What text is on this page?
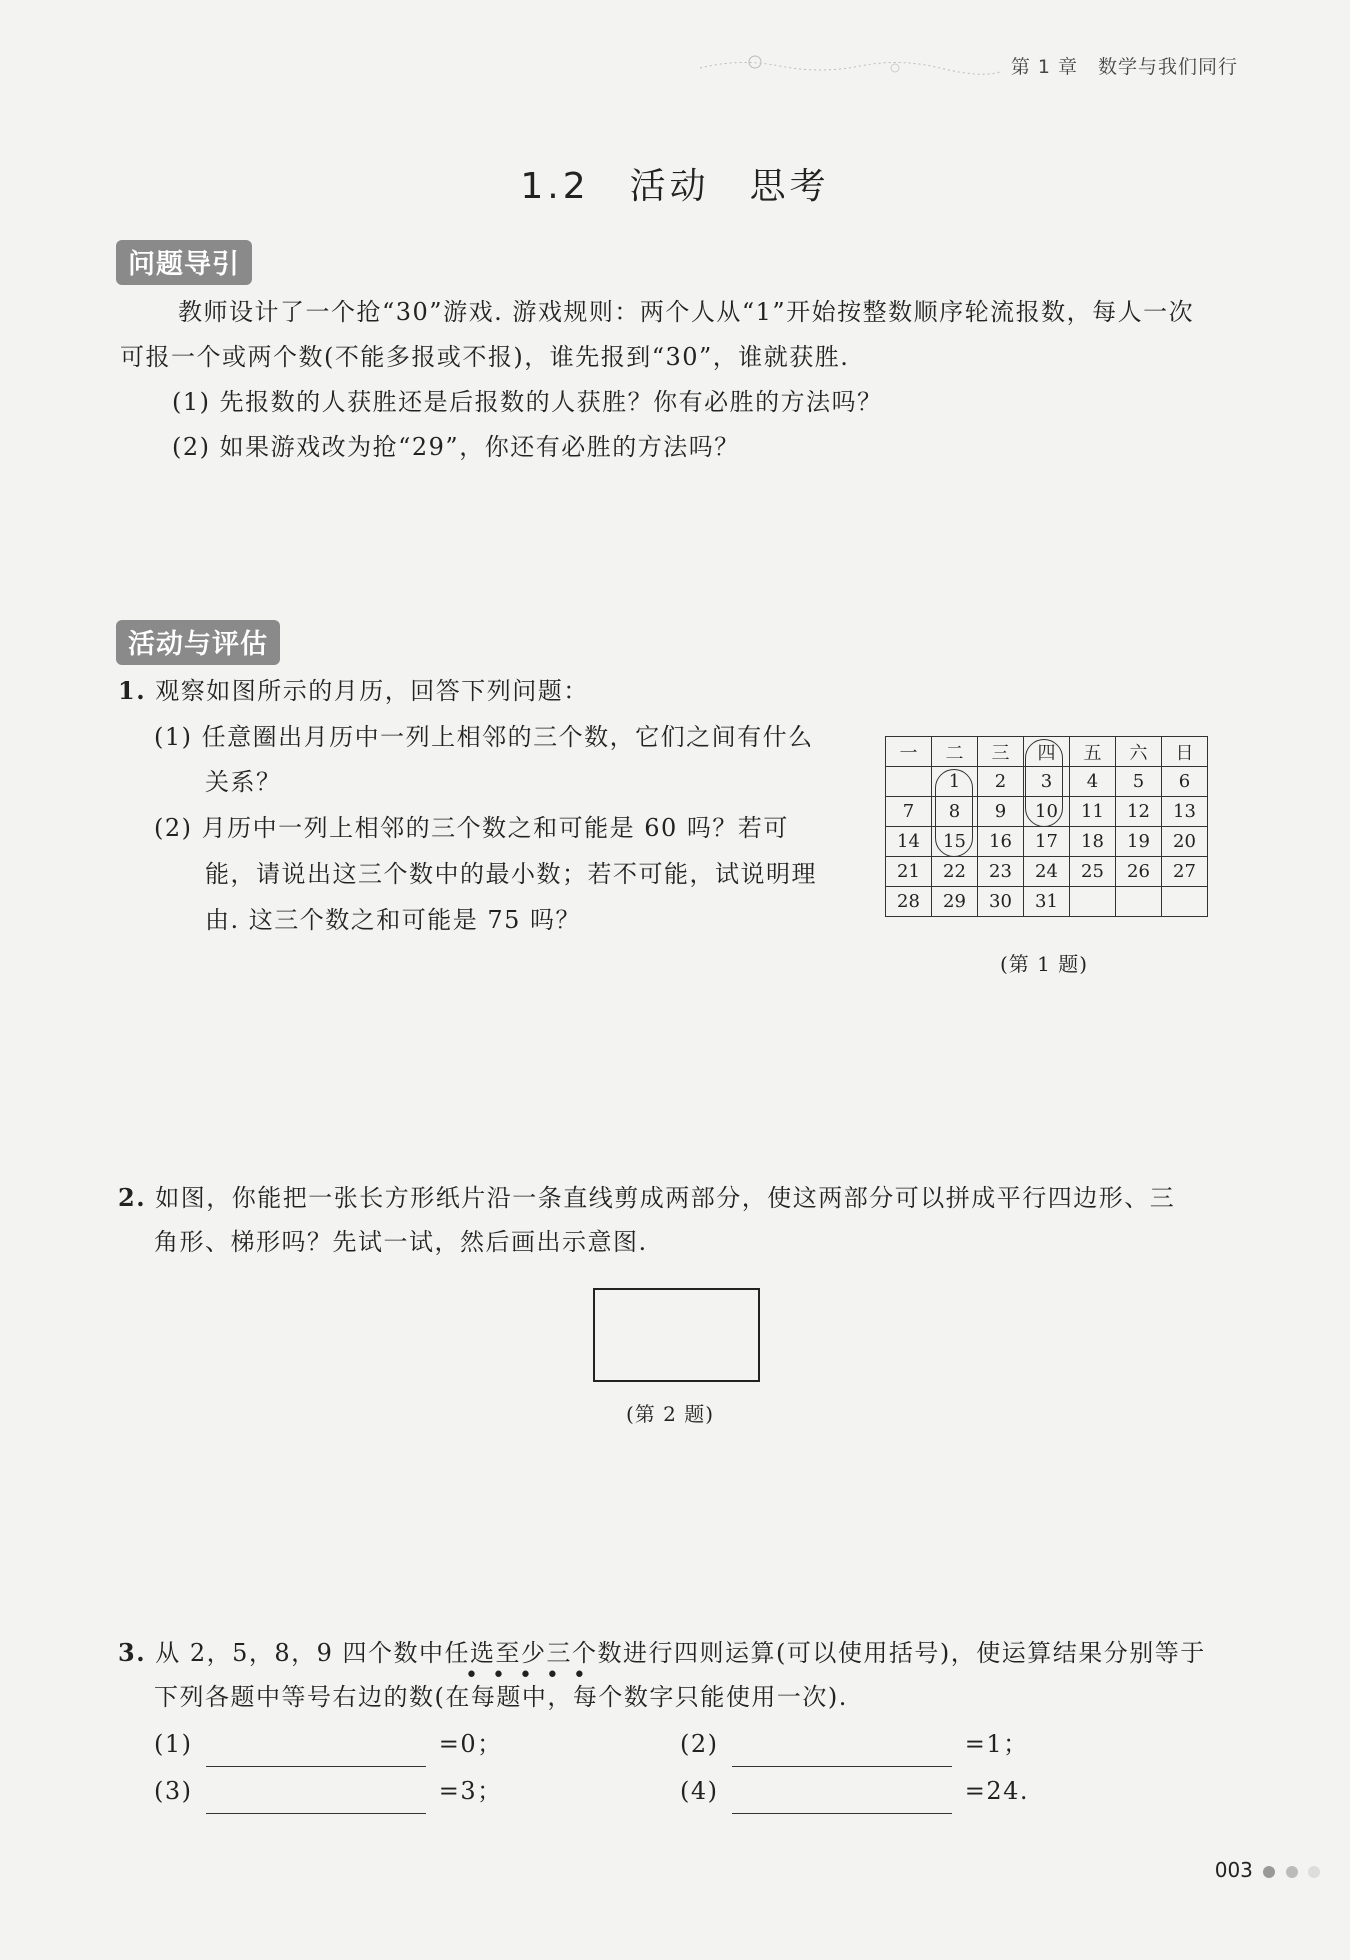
第 1 章　数学与我们同行
1.2　活动　思考
问题导引
教师设计了一个抢“30”游戏. 游戏规则：两个人从“1”开始按整数顺序轮流报数，每人一次
可报一个或两个数(不能多报或不报)，谁先报到“30”，谁就获胜.
(1) 先报数的人获胜还是后报数的人获胜？你有必胜的方法吗？
(2) 如果游戏改为抢“29”，你还有必胜的方法吗？
活动与评估
1. 观察如图所示的月历，回答下列问题：
(1) 任意圈出月历中一列上相邻的三个数，它们之间有什么
关系？
(2) 月历中一列上相邻的三个数之和可能是 60 吗？若可
能，请说出这三个数中的最小数；若不可能，试说明理
由. 这三个数之和可能是 75 吗？
一	二	三	四	五	六	日
	1	2	3	4	5	6
7	8	9	10	11	12	13
14	15	16	17	18	19	20
21	22	23	24	25	26	27
28	29	30	31			
(第 1 题)
2. 如图，你能把一张长方形纸片沿一条直线剪成两部分，使这两部分可以拼成平行四边形、三
角形、梯形吗？先试一试，然后画出示意图.
(第 2 题)
3. 从 2，5，8，9 四个数中任选至少三个数进行四则运算(可以使用括号)，使运算结果分别等于
•••••
下列各题中等号右边的数(在每题中，每个数字只能使用一次).
(1)	=0；	(2)	=1；
(3)	=3；	(4)	=24.
003
